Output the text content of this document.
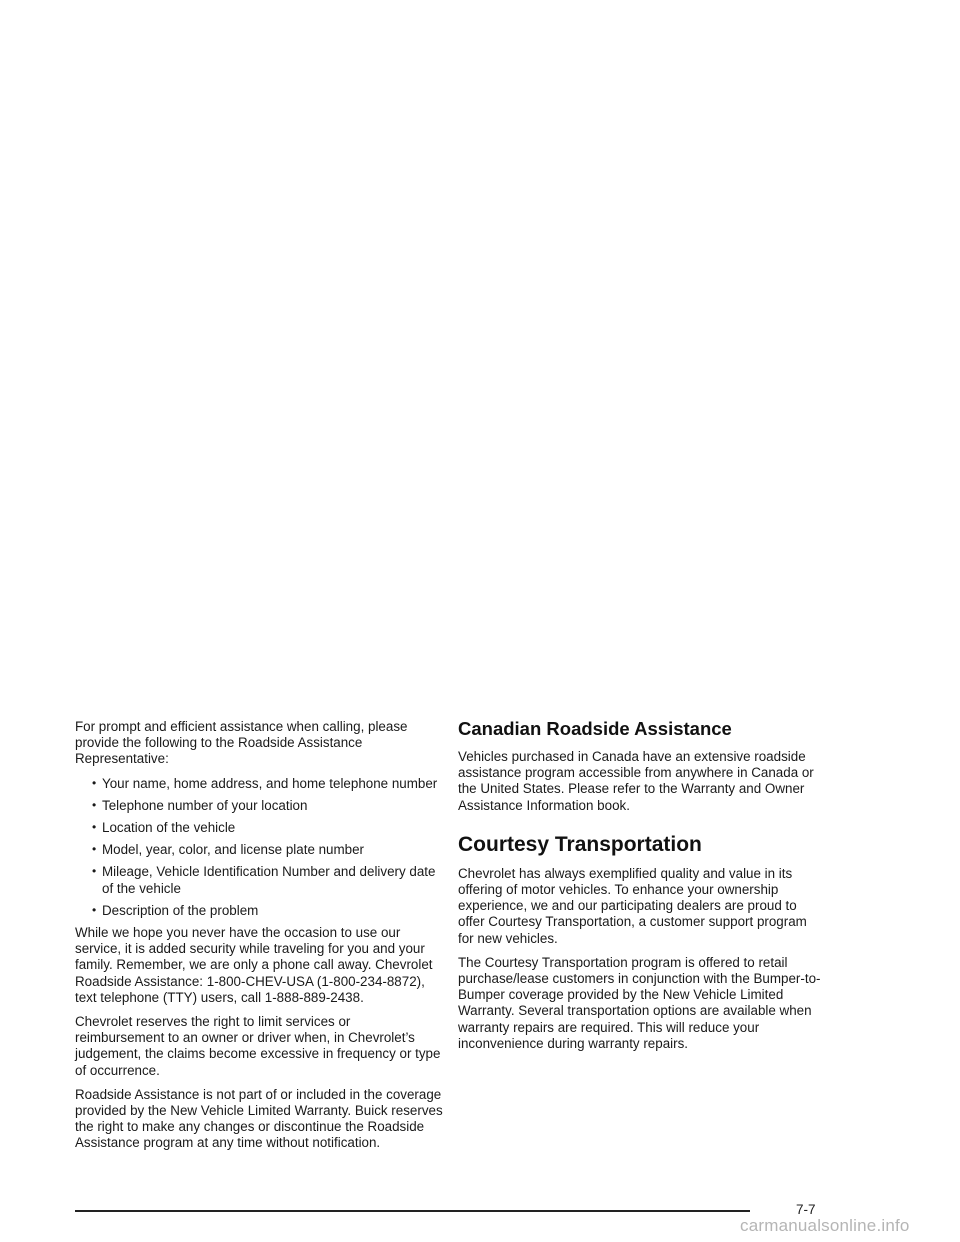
For prompt and efficient assistance when calling, please provide the following to the Roadside Assistance Representative:

• Your name, home address, and home telephone number
• Telephone number of your location
• Location of the vehicle
• Model, year, color, and license plate number
• Mileage, Vehicle Identification Number and delivery date of the vehicle
• Description of the problem

While we hope you never have the occasion to use our service, it is added security while traveling for you and your family. Remember, we are only a phone call away. Chevrolet Roadside Assistance: 1-800-CHEV-USA (1-800-234-8872), text telephone (TTY) users, call 1-888-889-2438.

Chevrolet reserves the right to limit services or reimbursement to an owner or driver when, in Chevrolet’s judgement, the claims become excessive in frequency or type of occurrence.

Roadside Assistance is not part of or included in the coverage provided by the New Vehicle Limited Warranty. Buick reserves the right to make any changes or discontinue the Roadside Assistance program at any time without notification.

Canadian Roadside Assistance

Vehicles purchased in Canada have an extensive roadside assistance program accessible from anywhere in Canada or the United States. Please refer to the Warranty and Owner Assistance Information book.

Courtesy Transportation

Chevrolet has always exemplified quality and value in its offering of motor vehicles. To enhance your ownership experience, we and our participating dealers are proud to offer Courtesy Transportation, a customer support program for new vehicles.

The Courtesy Transportation program is offered to retail purchase/lease customers in conjunction with the Bumper-to-Bumper coverage provided by the New Vehicle Limited Warranty. Several transportation options are available when warranty repairs are required. This will reduce your inconvenience during warranty repairs.

7-7
carmanualsonline.info
